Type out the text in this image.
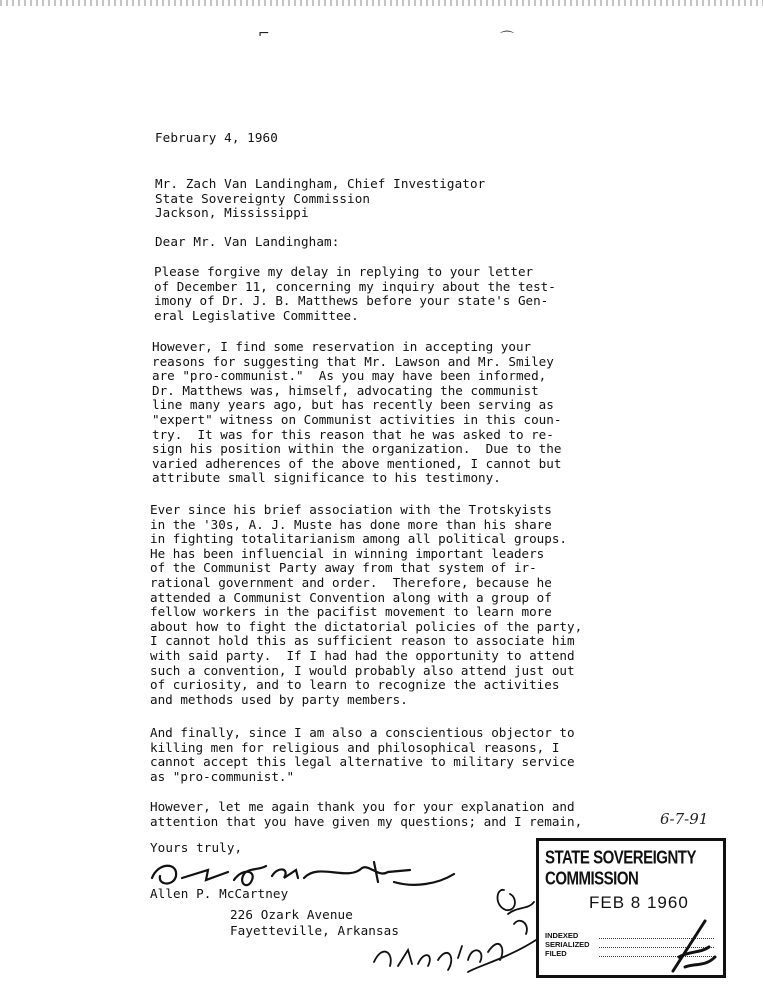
⌐	⌒
February 4, 1960
Mr. Zach Van Landingham, Chief Investigator
State Sovereignty Commission
Jackson, Mississippi
Dear Mr. Van Landingham:
Please forgive my delay in replying to your letter
of December 11, concerning my inquiry about the test-
imony of Dr. J. B. Matthews before your state's Gen-
eral Legislative Committee.
However, I find some reservation in accepting your
reasons for suggesting that Mr. Lawson and Mr. Smiley
are "pro-communist."  As you may have been informed,
Dr. Matthews was, himself, advocating the communist
line many years ago, but has recently been serving as
"expert" witness on Communist activities in this coun-
try.  It was for this reason that he was asked to re-
sign his position within the organization.  Due to the
varied adherences of the above mentioned, I cannot but
attribute small significance to his testimony.
Ever since his brief association with the Trotskyists
in the '30s, A. J. Muste has done more than his share
in fighting totalitarianism among all political groups.
He has been influencial in winning important leaders
of the Communist Party away from that system of ir-
rational government and order.  Therefore, because he
attended a Communist Convention along with a group of
fellow workers in the pacifist movement to learn more
about how to fight the dictatorial policies of the party,
I cannot hold this as sufficient reason to associate him
with said party.  If I had had the opportunity to attend
such a convention, I would probably also attend just out
of curiosity, and to learn to recognize the activities
and methods used by party members.
And finally, since I am also a conscientious objector to
killing men for religious and philosophical reasons, I
cannot accept this legal alternative to military service
as "pro-communist."
However, let me again thank you for your explanation and
attention that you have given my questions; and I remain,	6-7-91
Yours truly,
Allen P. McCartney
226 Ozark Avenue
Fayetteville, Arkansas
STATE SOVEREIGNTY COMMISSION
FEB 8 1960
INDEXED
SERIALIZED
FILED
